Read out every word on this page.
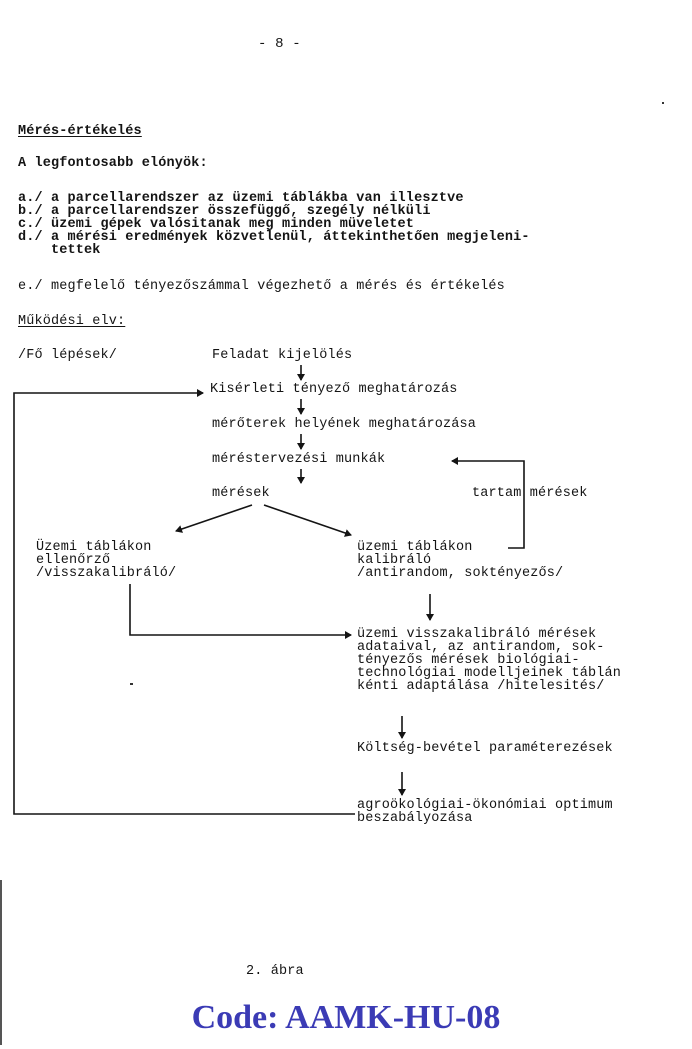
- 8 -
Mérés-értékelés
A legfontosabb elónyök:
a./ a parcellarendszer az üzemi táblákba van illesztve
b./ a parcellarendszer összefüggő, szegély nélküli
c./ üzemi gépek valósitanak meg minden müveletet
d./ a mérési eredmények közvetlenül, áttekinthetően megjeleni-
tettek
e./ megfelelő tényezőszámmal végezhető a mérés és értékelés
Működési elv:
/Fő lépések/	Feladat kijelölés
Kisérleti tényező meghatározás
mérőterek helyének meghatározása
méréstervezési munkák
mérések	tartam mérések
Üzemi táblákon
ellenőrző
/visszakalibráló/
üzemi táblákon
kalibráló
/antirandom, soktényezős/
üzemi visszakalibráló mérések
adataival, az antirandom, sok-
tényezős mérések biológiai-
technológiai modelljeinek táblán
kénti adaptálása /hitelesités/
Költség-bevétel paraméterezések
agroökológiai-ökonómiai optimum
beszabályozása
2. ábra
Code: AAMK-HU-08
